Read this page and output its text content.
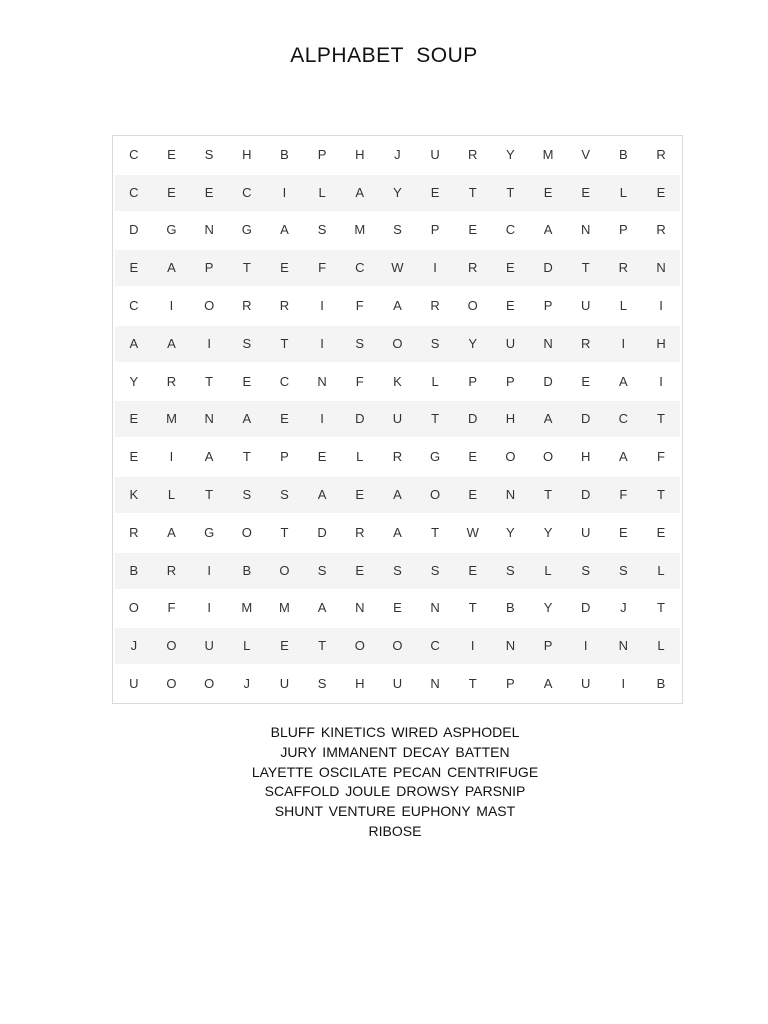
ALPHABET  SOUP
C	E	S	H	B	P	H	J	U	R	Y	M	V	B	R
C	E	E	C	I	L	A	Y	E	T	T	E	E	L	E
D	G	N	G	A	S	M	S	P	E	C	A	N	P	R
E	A	P	T	E	F	C	W	I	R	E	D	T	R	N
C	I	O	R	R	I	F	A	R	O	E	P	U	L	I
A	A	I	S	T	I	S	O	S	Y	U	N	R	I	H
Y	R	T	E	C	N	F	K	L	P	P	D	E	A	I
E	M	N	A	E	I	D	U	T	D	H	A	D	C	T
E	I	A	T	P	E	L	R	G	E	O	O	H	A	F
K	L	T	S	S	A	E	A	O	E	N	T	D	F	T
R	A	G	O	T	D	R	A	T	W	Y	Y	U	E	E
B	R	I	B	O	S	E	S	S	E	S	L	S	S	L
O	F	I	M	M	A	N	E	N	T	B	Y	D	J	T
J	O	U	L	E	T	O	O	C	I	N	P	I	N	L
U	O	O	J	U	S	H	U	N	T	P	A	U	I	B
BLUFF KINETICS WIRED ASPHODEL
JURY IMMANENT DECAY BATTEN
LAYETTE OSCILATE PECAN CENTRIFUGE
SCAFFOLD JOULE DROWSY PARSNIP
SHUNT VENTURE EUPHONY MAST
RIBOSE
